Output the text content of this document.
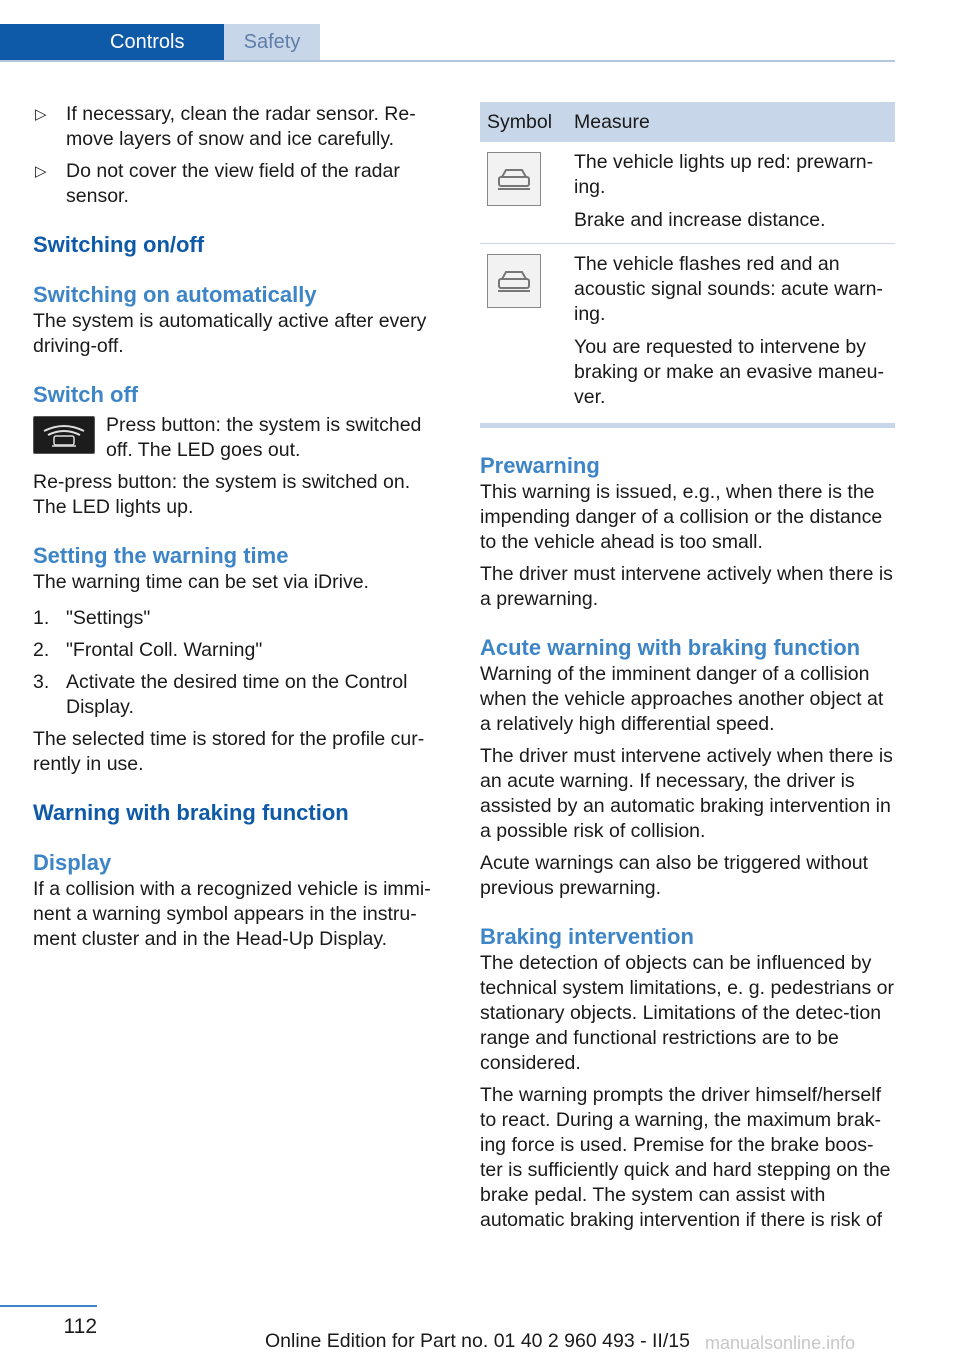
Controls	Safety

▷ If necessary, clean the radar sensor. Re-move layers of snow and ice carefully.

▷ Do not cover the view field of the radar sensor.

Switching on/off
Switching on automatically

The system is automatically active after every driving-off.

Switch off

Press button: the system is switched off. The LED goes out.

Re-press button: the system is switched on. The LED lights up.

Setting the warning time

The warning time can be set via iDrive.

1. "Settings"

2. "Frontal Coll. Warning"

3. Activate the desired time on the Control Display.

The selected time is stored for the profile cur-rently in use.

Warning with braking function
Display

If a collision with a recognized vehicle is immi-nent a warning symbol appears in the instru-ment cluster and in the Head-Up Display.

Symbol	Measure

The vehicle lights up red: prewarn-ing.

Brake and increase distance.

The vehicle flashes red and an acoustic signal sounds: acute warn-ing.

You are requested to intervene by braking or make an evasive maneu-ver.

Prewarning

This warning is issued, e.g., when there is the impending danger of a collision or the distance to the vehicle ahead is too small.

The driver must intervene actively when there is a prewarning.

Acute warning with braking function

Warning of the imminent danger of a collision when the vehicle approaches another object at a relatively high differential speed.

The driver must intervene actively when there is an acute warning. If necessary, the driver is assisted by an automatic braking intervention in a possible risk of collision.

Acute warnings can also be triggered without previous prewarning.

Braking intervention

The detection of objects can be influenced by technical system limitations, e. g. pedestrians or stationary objects. Limitations of the detec-tion range and functional restrictions are to be considered.

The warning prompts the driver himself/herself to react. During a warning, the maximum brak-ing force is used. Premise for the brake boos-ter is sufficiently quick and hard stepping on the brake pedal. The system can assist with automatic braking intervention if there is risk of

112
Online Edition for Part no. 01 40 2 960 493 - II/15 manualsonline.info
